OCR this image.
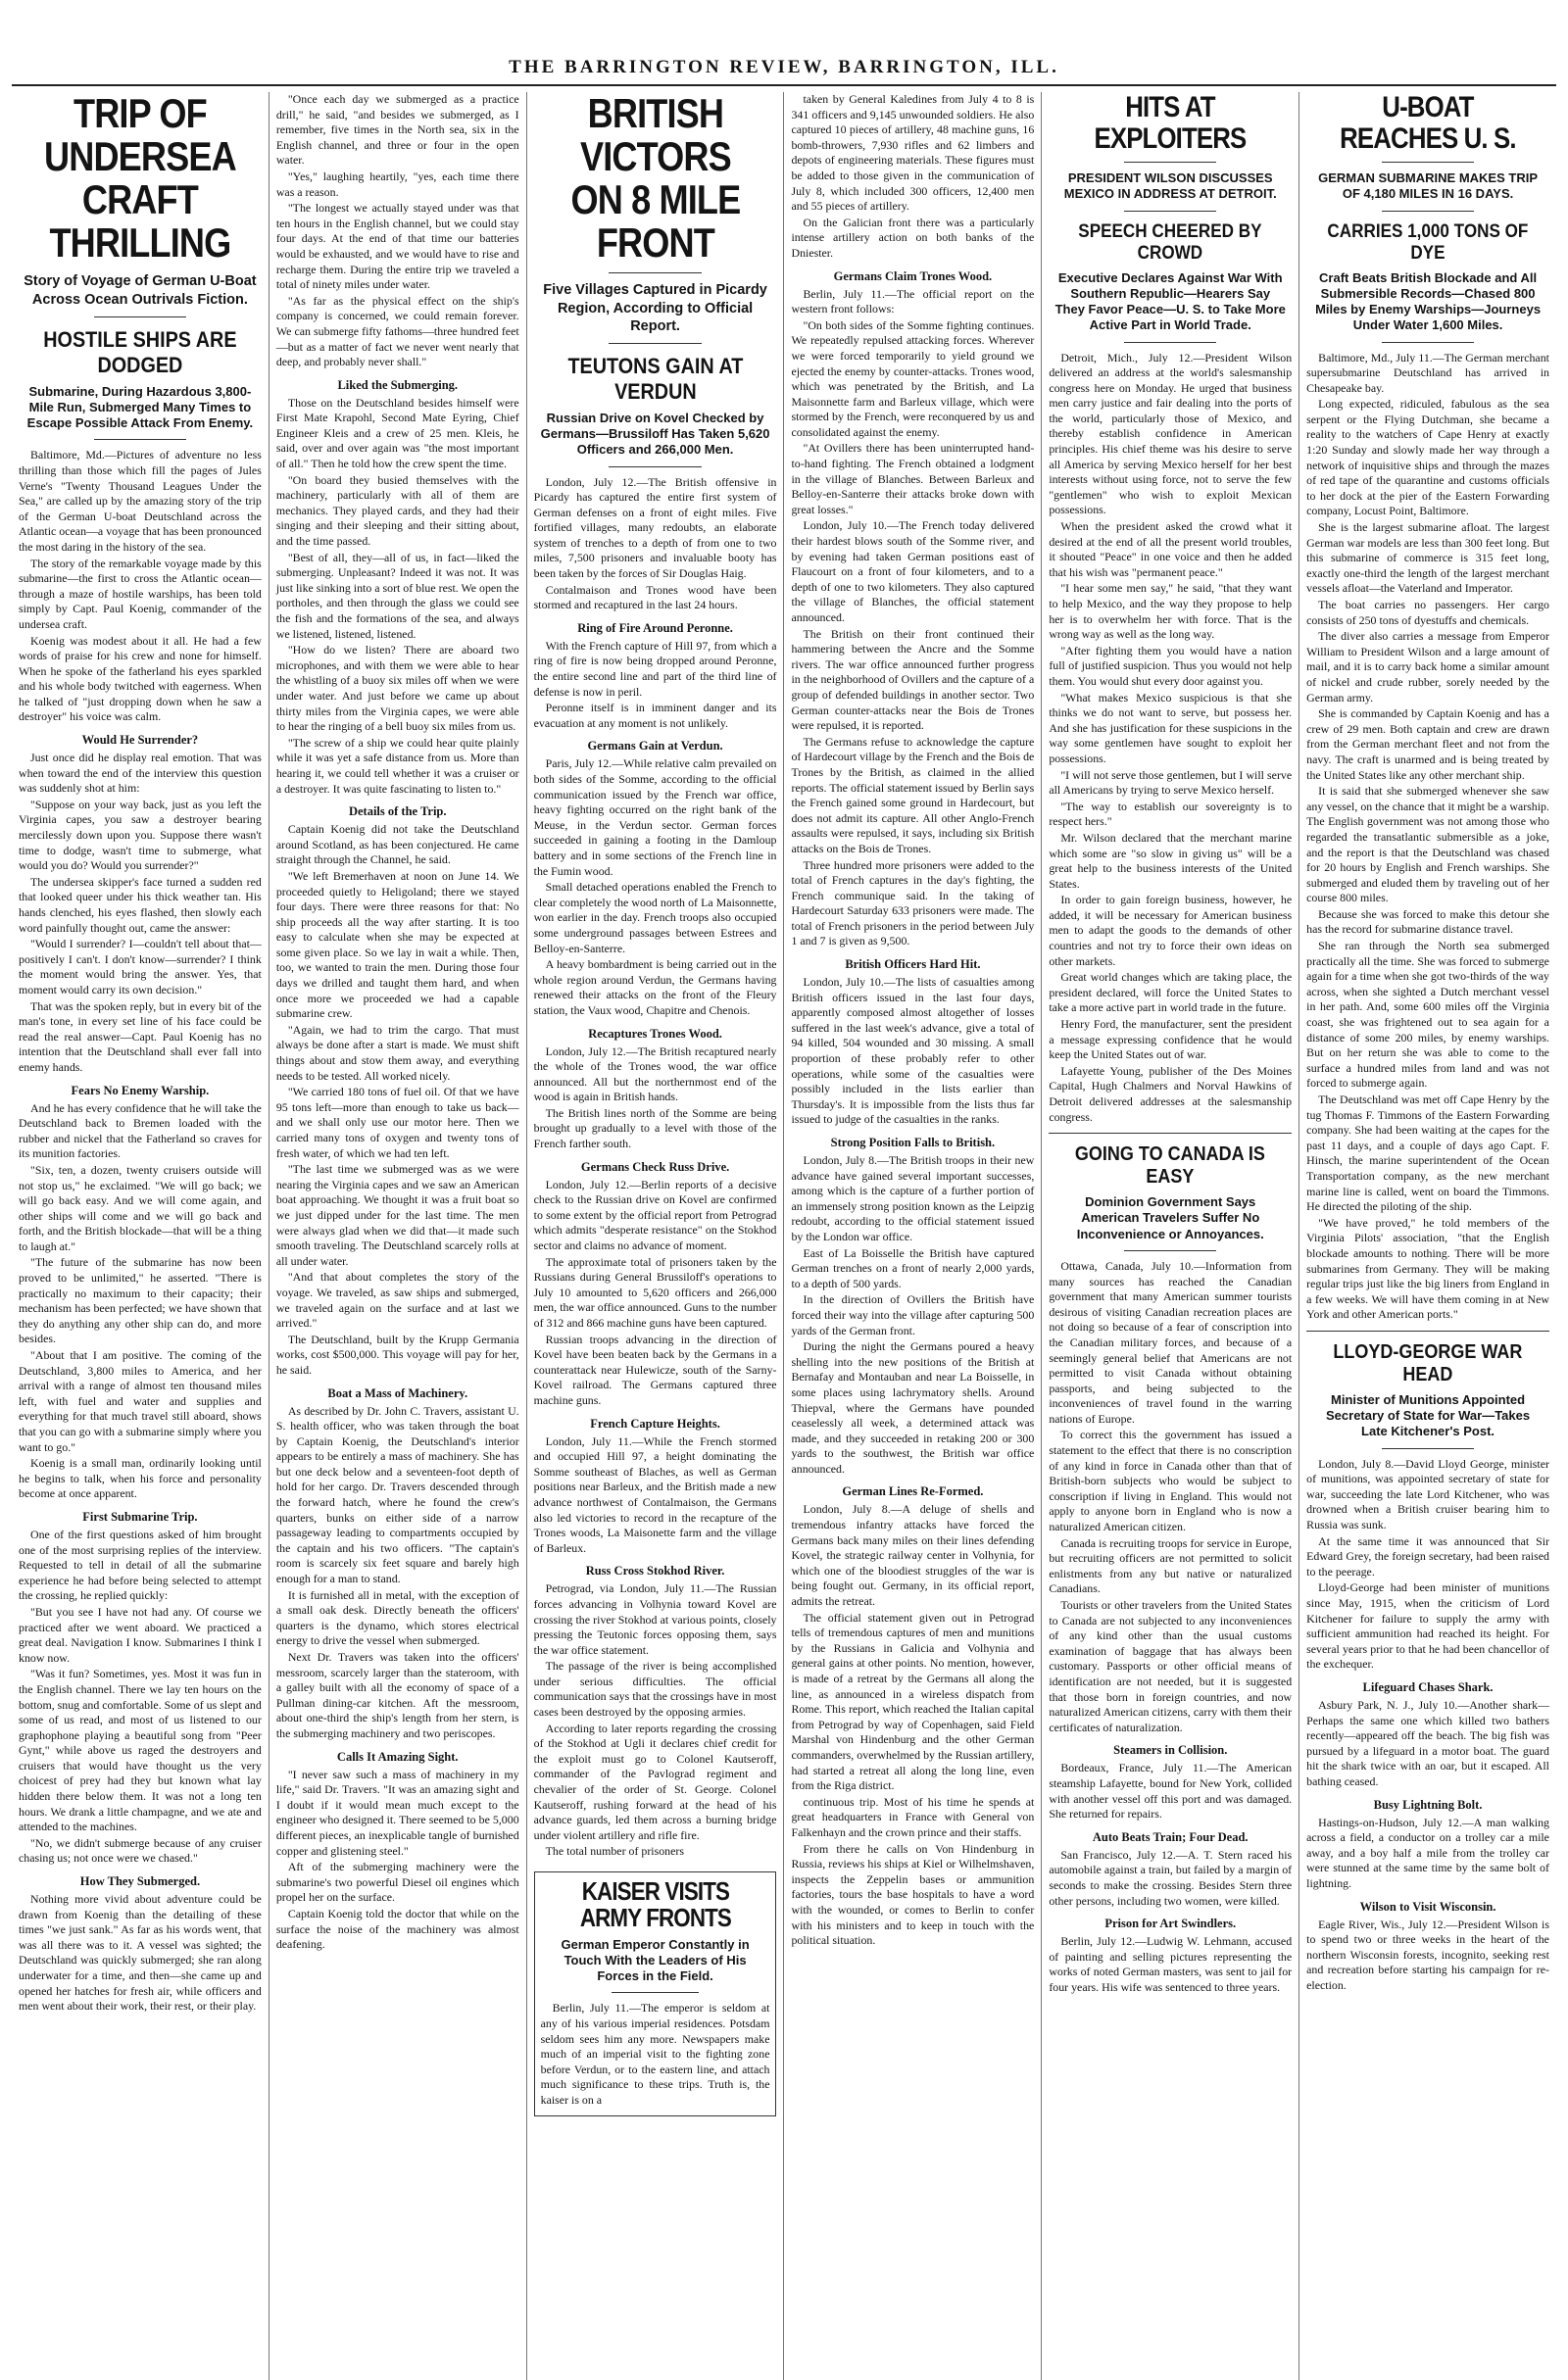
THE BARRINGTON REVIEW, BARRINGTON, ILL.
TRIP OF UNDERSEA CRAFT THRILLING
Story of Voyage of German U-Boat Across Ocean Outrivals Fiction.
HOSTILE SHIPS ARE DODGED
Submarine, During Hazardous 3,800-Mile Run, Submerged Many Times to Escape Possible Attack From Enemy.

Baltimore, Md.—Pictures of adventure no less thrilling than those which fill the pages of Jules Verne's "Twenty Thousand Leagues Under the Sea," are called up by the amazing story of the trip of the German U-boat Deutschland across the Atlantic ocean—a voyage that has been pronounced the most daring in the history of the sea.

The story of the remarkable voyage made by this submarine—the first to cross the Atlantic ocean—through a maze of hostile warships, has been told simply by Capt. Paul Koenig, commander of the undersea craft.

Koenig was modest about it all. He had a few words of praise for his crew and none for himself. When he spoke of the fatherland his eyes sparkled and his whole body twitched with eagerness. When he talked of "just dropping down when he saw a destroyer" his voice was calm.

Would He Surrender?

Just once did he display real emotion. That was when toward the end of the interview this question was suddenly shot at him:

"Suppose on your way back, just as you left the Virginia capes, you saw a destroyer bearing mercilessly down upon you. Suppose there wasn't time to dodge, wasn't time to submerge, what would you do? Would you surrender?"

The undersea skipper's face turned a sudden red that looked queer under his thick weather tan. His hands clenched, his eyes flashed, then slowly each word painfully thought out, came the answer:

"Would I surrender? I—couldn't tell about that—positively I can't. I don't know—surrender? I think the moment would bring the answer. Yes, that moment would carry its own decision."

That was the spoken reply, but in every bit of the man's tone, in every set line of his face could be read the real answer—Capt. Paul Koenig has no intention that the Deutschland shall ever fall into enemy hands.

Fears No Enemy Warship.

And he has every confidence that he will take the Deutschland back to Bremen loaded with the rubber and nickel that the Fatherland so craves for its munition factories.

"Six, ten, a dozen, twenty cruisers outside will not stop us," he exclaimed. "We will go back; we will go back easy. And we will come again, and other ships will come and we will go back and forth, and the British blockade—that will be a thing to laugh at."

"The future of the submarine has now been proved to be unlimited," he asserted. "There is practically no maximum to their capacity; their mechanism has been perfected; we have shown that they do anything any other ship can do, and more besides.

"About that I am positive. The coming of the Deutschland, 3,800 miles to America, and her arrival with a range of almost ten thousand miles left, with fuel and water and supplies and everything for that much travel still aboard, shows that you can go with a submarine simply where you want to go."

Koenig is a small man, ordinarily looking until he begins to talk, when his force and personality become at once apparent.

First Submarine Trip.

One of the first questions asked of him brought one of the most surprising replies of the interview. Requested to tell in detail of all the submarine experience he had before being selected to attempt the crossing, he replied quickly:

"But you see I have not had any. Of course we practiced after we went aboard. We practiced a great deal. Navigation I know. Submarines I think I know now.

"Was it fun? Sometimes, yes. Most it was fun in the English channel. There we lay ten hours on the bottom, snug and comfortable. Some of us slept and some of us read, and most of us listened to our graphophone playing a beautiful song from "Peer Gynt," while above us raged the destroyers and cruisers that would have thought us the very choicest of prey had they but known what lay hidden there below them. It was not a long ten hours. We drank a little champagne, and we ate and attended to the machines.

"No, we didn't submerge because of any cruiser chasing us; not once were we chased."

How They Submerged.

Nothing more vivid about adventure could be drawn from Koenig than the detailing of these times "we just sank." As far as his words went, that was all there was to it. A vessel was sighted; the Deutschland was quickly submerged; she ran along underwater for a time, and then—she came up and opened her hatches for fresh air, while officers and men went about their work, their rest, or their play.

"Once each day we submerged as a practice drill," he said, "and besides we submerged, as I remember, five times in the North sea, six in the English channel, and three or four in the open water.

"Yes," laughing heartily, "yes, each time there was a reason.

"The longest we actually stayed under was that ten hours in the English channel, but we could stay four days. At the end of that time our batteries would be exhausted, and we would have to rise and recharge them. During the entire trip we traveled a total of ninety miles under water.

"As far as the physical effect on the ship's company is concerned, we could remain forever. We can submerge fifty fathoms—three hundred feet—but as a matter of fact we never went nearly that deep, and probably never shall."

Liked the Submerging.

Those on the Deutschland besides himself were First Mate Krapohl, Second Mate Eyring, Chief Engineer Kleis and a crew of 25 men. Kleis, he said, over and over again was "the most important of all." Then he told how the crew spent the time.

"On board they busied themselves with the machinery, particularly with all of them are mechanics. They played cards, and they had their singing and their sleeping and their sitting about, and the time passed.

"Best of all, they—all of us, in fact—liked the submerging. Unpleasant? Indeed it was not. It was just like sinking into a sort of blue rest. We open the portholes, and then through the glass we could see the fish and the formations of the sea, and always we listened, listened, listened.

"How do we listen? There are aboard two microphones, and with them we were able to hear the whistling of a buoy six miles off when we were under water. And just before we came up about thirty miles from the Virginia capes, we were able to hear the ringing of a bell buoy six miles from us.

"The screw of a ship we could hear quite plainly while it was yet a safe distance from us. More than hearing it, we could tell whether it was a cruiser or a destroyer. It was quite fascinating to listen to."

Details of the Trip.

Captain Koenig did not take the Deutschland around Scotland, as has been conjectured. He came straight through the Channel, he said.

"We left Bremerhaven at noon on June 14. We proceeded quietly to Heligoland; there we stayed four days. There were three reasons for that: No ship proceeds all the way after starting. It is too easy to calculate when she may be expected at some given place. So we lay in wait a while. Then, too, we wanted to train the men. During those four days we drilled and taught them hard, and when once more we proceeded we had a capable submarine crew.

"Again, we had to trim the cargo. That must always be done after a start is made. We must shift things about and stow them away, and everything needs to be tested. All worked nicely.

"We carried 180 tons of fuel oil. Of that we have 95 tons left—more than enough to take us back—and we shall only use our motor here. Then we carried many tons of oxygen and twenty tons of fresh water, of which we had ten left.

"The last time we submerged was as we were nearing the Virginia capes and we saw an American boat approaching. We thought it was a fruit boat so we just dipped under for the last time. The men were always glad when we did that—it made such smooth traveling. The Deutschland scarcely rolls at all under water.

"And that about completes the story of the voyage. We traveled, as saw ships and submerged, we traveled again on the surface and at last we arrived."

The Deutschland, built by the Krupp Germania works, cost $500,000. This voyage will pay for her, he said.

Boat a Mass of Machinery.

As described by Dr. John C. Travers, assistant U. S. health officer, who was taken through the boat by Captain Koenig, the Deutschland's interior appears to be entirely a mass of machinery. She has but one deck below and a seventeen-foot depth of hold for her cargo. Dr. Travers descended through the forward hatch, where he found the crew's quarters, bunks on either side of a narrow passageway leading to compartments occupied by the captain and his two officers. "The captain's room is scarcely six feet square and barely high enough for a man to stand.

It is furnished all in metal, with the exception of a small oak desk. Directly beneath the officers' quarters is the dynamo, which stores electrical energy to drive the vessel when submerged.

Next Dr. Travers was taken into the officers' messroom, scarcely larger than the stateroom, with a galley built with all the economy of space of a Pullman dining-car kitchen. Aft the messroom, about one-third the ship's length from her stern, is the submerging machinery and two periscopes.

Calls It Amazing Sight.

"I never saw such a mass of machinery in my life," said Dr. Travers. "It was an amazing sight and I doubt if it would mean much except to the engineer who designed it. There seemed to be 5,000 different pieces, an inexplicable tangle of burnished copper and glistening steel."

Aft of the submerging machinery were the submarine's two powerful Diesel oil engines which propel her on the surface.

Captain Koenig told the doctor that while on the surface the noise of the machinery was almost deafening.

BRITISH VICTORS ON 8 MILE FRONT
Five Villages Captured in Picardy Region, According to Official Report.
TEUTONS GAIN AT VERDUN
Russian Drive on Kovel Checked by Germans—Brussiloff Has Taken 5,620 Officers and 266,000 Men.

London, July 12.—The British offensive in Picardy has captured the entire first system of German defenses on a front of eight miles. Five fortified villages, many redoubts, an elaborate system of trenches to a depth of from one to two miles, 7,500 prisoners and invaluable booty has been taken by the forces of Sir Douglas Haig.

Contalmaison and Trones wood have been stormed and recaptured in the last 24 hours.

Ring of Fire Around Peronne.

With the French capture of Hill 97, from which a ring of fire is now being dropped around Peronne, the entire second line and part of the third line of defense is now in peril.

Peronne itself is in imminent danger and its evacuation at any moment is not unlikely.

Germans Gain at Verdun.

Paris, July 12.—While relative calm prevailed on both sides of the Somme, according to the official communication issued by the French war office, heavy fighting occurred on the right bank of the Meuse, in the Verdun sector. German forces succeeded in gaining a footing in the Damloup battery and in some sections of the French line in the Fumin wood.

Small detached operations enabled the French to clear completely the wood north of La Maisonnette, won earlier in the day. French troops also occupied some underground passages between Estrees and Belloy-en-Santerre.

A heavy bombardment is being carried out in the whole region around Verdun, the Germans having renewed their attacks on the front of the Fleury station, the Vaux wood, Chapitre and Chenois.

Recaptures Trones Wood.

London, July 12.—The British recaptured nearly the whole of the Trones wood, the war office announced. All but the northernmost end of the wood is again in British hands.

The British lines north of the Somme are being brought up gradually to a level with those of the French farther south.

Germans Check Russ Drive.

London, July 12.—Berlin reports of a decisive check to the Russian drive on Kovel are confirmed to some extent by the official report from Petrograd which admits "desperate resistance" on the Stokhod sector and claims no advance of moment.

The approximate total of prisoners taken by the Russians during General Brussiloff's operations to July 10 amounted to 5,620 officers and 266,000 men, the war office announced. Guns to the number of 312 and 866 machine guns have been captured.

Russian troops advancing in the direction of Kovel have been beaten back by the Germans in a counterattack near Hulewicze, south of the Sarny-Kovel railroad. The Germans captured three machine guns.

French Capture Heights.

London, July 11.—While the French stormed and occupied Hill 97, a height dominating the Somme southeast of Blaches, as well as German positions near Barleux, and the British made a new advance northwest of Contalmaison, the Germans also led victories to record in the recapture of the Trones woods, La Maisonette farm and the village of Barleux.

Russ Cross Stokhod River.

Petrograd, via London, July 11.—The Russian forces advancing in Volhynia toward Kovel are crossing the river Stokhod at various points, closely pressing the Teutonic forces opposing them, says the war office statement.

The passage of the river is being accomplished under serious difficulties. The official communication says that the crossings have in most cases been destroyed by the opposing armies.

According to later reports regarding the crossing of the Stokhod at Ugli it declares chief credit for the exploit must go to Colonel Kautseroff, commander of the Pavlograd regiment and chevalier of the order of St. George. Colonel Kautseroff, rushing forward at the head of his advance guards, led them across a burning bridge under violent artillery and rifle fire.

The total number of prisoners

KAISER VISITS ARMY FRONTS
German Emperor Constantly in Touch With the Leaders of His Forces in the Field.

Berlin, July 11.—The emperor is seldom at any of his various imperial residences. Potsdam seldom sees him any more. Newspapers make much of an imperial visit to the fighting zone before Verdun, or to the eastern line, and attach much significance to these trips. Truth is, the kaiser is on a

taken by General Kaledines from July 4 to 8 is 341 officers and 9,145 unwounded soldiers. He also captured 10 pieces of artillery, 48 machine guns, 16 bomb-throwers, 7,930 rifles and 62 limbers and depots of engineering materials. These figures must be added to those given in the communication of July 8, which included 300 officers, 12,400 men and 55 pieces of artillery.

On the Galician front there was a particularly intense artillery action on both banks of the Dniester.

Germans Claim Trones Wood.

Berlin, July 11.—The official report on the western front follows:

"On both sides of the Somme fighting continues. We repeatedly repulsed attacking forces. Wherever we were forced temporarily to yield ground we ejected the enemy by counter-attacks. Trones wood, which was penetrated by the British, and La Maisonnette farm and Barleux village, which were stormed by the French, were reconquered by us and consolidated against the enemy.

"At Ovillers there has been uninterrupted hand-to-hand fighting. The French obtained a lodgment in the village of Blanches. Between Barleux and Belloy-en-Santerre their attacks broke down with great losses."

London, July 10.—The French today delivered their hardest blows south of the Somme river, and by evening had taken German positions east of Flaucourt on a front of four kilometers, and to a depth of one to two kilometers. They also captured the village of Blanches, the official statement announced.

The British on their front continued their hammering between the Ancre and the Somme rivers. The war office announced further progress in the neighborhood of Ovillers and the capture of a group of defended buildings in another sector. Two German counter-attacks near the Bois de Trones were repulsed, it is reported.

The Germans refuse to acknowledge the capture of Hardecourt village by the French and the Bois de Trones by the British, as claimed in the allied reports. The official statement issued by Berlin says the French gained some ground in Hardecourt, but does not admit its capture. All other Anglo-French assaults were repulsed, it says, including six British attacks on the Bois de Trones.

Three hundred more prisoners were added to the total of French captures in the day's fighting, the French communique said. In the taking of Hardecourt Saturday 633 prisoners were made. The total of French prisoners in the period between July 1 and 7 is given as 9,500.

British Officers Hard Hit.

London, July 10.—The lists of casualties among British officers issued in the last four days, apparently composed almost altogether of losses suffered in the last week's advance, give a total of 94 killed, 504 wounded and 30 missing. A small proportion of these probably refer to other operations, while some of the casualties were possibly included in the lists earlier than Thursday's. It is impossible from the lists thus far issued to judge of the casualties in the ranks.

Strong Position Falls to British.

London, July 8.—The British troops in their new advance have gained several important successes, among which is the capture of a further portion of an immensely strong position known as the Leipzig redoubt, according to the official statement issued by the London war office.

East of La Boisselle the British have captured German trenches on a front of nearly 2,000 yards, to a depth of 500 yards.

In the direction of Ovillers the British have forced their way into the village after capturing 500 yards of the German front.

During the night the Germans poured a heavy shelling into the new positions of the British at Bernafay and Montauban and near La Boisselle, in some places using lachrymatory shells. Around Thiepval, where the Germans have pounded ceaselessly all week, a determined attack was made, and they succeeded in retaking 200 or 300 yards to the southwest, the British war office announced.

German Lines Re-Formed.

London, July 8.—A deluge of shells and tremendous infantry attacks have forced the Germans back many miles on their lines defending Kovel, the strategic railway center in Volhynia, for which one of the bloodiest struggles of the war is being fought out. Germany, in its official report, admits the retreat.

The official statement given out in Petrograd tells of tremendous captures of men and munitions by the Russians in Galicia and Volhynia and general gains at other points. No mention, however, is made of a retreat by the Germans all along the line, as announced in a wireless dispatch from Rome. This report, which reached the Italian capital from Petrograd by way of Copenhagen, said Field Marshal von Hindenburg and the other German commanders, overwhelmed by the Russian artillery, had started a retreat all along the long line, even from the Riga district.

continuous trip. Most of his time he spends at great headquarters in France with General von Falkenhayn and the crown prince and their staffs.

From there he calls on Von Hindenburg in Russia, reviews his ships at Kiel or Wilhelmshaven, inspects the Zeppelin bases or ammunition factories, tours the base hospitals to have a word with the wounded, or comes to Berlin to confer with his ministers and to keep in touch with the political situation.

HITS AT EXPLOITERS
PRESIDENT WILSON DISCUSSES MEXICO IN ADDRESS AT DETROIT.
SPEECH CHEERED BY CROWD
Executive Declares Against War With Southern Republic—Hearers Say They Favor Peace—U. S. to Take More Active Part in World Trade.

Detroit, Mich., July 12.—President Wilson delivered an address at the world's salesmanship congress here on Monday. He urged that business men carry justice and fair dealing into the ports of the world, particularly those of Mexico, and thereby establish confidence in American principles. His chief theme was his desire to serve all America by serving Mexico herself for her best interests without using force, not to serve the few "gentlemen" who wish to exploit Mexican possessions.

When the president asked the crowd what it desired at the end of all the present world troubles, it shouted "Peace" in one voice and then he added that his wish was "permanent peace."

"I hear some men say," he said, "that they want to help Mexico, and the way they propose to help her is to overwhelm her with force. That is the wrong way as well as the long way.

"After fighting them you would have a nation full of justified suspicion. Thus you would not help them. You would shut every door against you.

"What makes Mexico suspicious is that she thinks we do not want to serve, but possess her. And she has justification for these suspicions in the way some gentlemen have sought to exploit her possessions.

"I will not serve those gentlemen, but I will serve all Americans by trying to serve Mexico herself.

"The way to establish our sovereignty is to respect hers."

Mr. Wilson declared that the merchant marine which some are "so slow in giving us" will be a great help to the business interests of the United States.

In order to gain foreign business, however, he added, it will be necessary for American business men to adapt the goods to the demands of other countries and not try to force their own ideas on other markets.

Great world changes which are taking place, the president declared, will force the United States to take a more active part in world trade in the future.

Henry Ford, the manufacturer, sent the president a message expressing confidence that he would keep the United States out of war.

Lafayette Young, publisher of the Des Moines Capital, Hugh Chalmers and Norval Hawkins of Detroit delivered addresses at the salesmanship congress.

GOING TO CANADA IS EASY
Dominion Government Says American Travelers Suffer No Inconvenience or Annoyances.

Ottawa, Canada, July 10.—Information from many sources has reached the Canadian government that many American summer tourists desirous of visiting Canadian recreation places are not doing so because of a fear of conscription into the Canadian military forces, and because of a seemingly general belief that Americans are not permitted to visit Canada without obtaining passports, and being subjected to the inconveniences of travel found in the warring nations of Europe.

To correct this the government has issued a statement to the effect that there is no conscription of any kind in force in Canada other than that of British-born subjects who would be subject to conscription if living in England. This would not apply to anyone born in England who is now a naturalized American citizen.

Canada is recruiting troops for service in Europe, but recruiting officers are not permitted to solicit enlistments from any but native or naturalized Canadians.

Tourists or other travelers from the United States to Canada are not subjected to any inconveniences of any kind other than the usual customs examination of baggage that has always been customary. Passports or other official means of identification are not needed, but it is suggested that those born in foreign countries, and now naturalized American citizens, carry with them their certificates of naturalization.

Steamers in Collision.

Bordeaux, France, July 11.—The American steamship Lafayette, bound for New York, collided with another vessel off this port and was damaged. She returned for repairs.

Auto Beats Train; Four Dead.

San Francisco, July 12.—A. T. Stern raced his automobile against a train, but failed by a margin of seconds to make the crossing. Besides Stern three other persons, including two women, were killed.

Prison for Art Swindlers.

Berlin, July 12.—Ludwig W. Lehmann, accused of painting and selling pictures representing the works of noted German masters, was sent to jail for four years. His wife was sentenced to three years.

U-BOAT REACHES U. S.
GERMAN SUBMARINE MAKES TRIP OF 4,180 MILES IN 16 DAYS.
CARRIES 1,000 TONS OF DYE
Craft Beats British Blockade and All Submersible Records—Chased 800 Miles by Enemy Warships—Journeys Under Water 1,600 Miles.

Baltimore, Md., July 11.—The German merchant supersubmarine Deutschland has arrived in Chesapeake bay.

Long expected, ridiculed, fabulous as the sea serpent or the Flying Dutchman, she became a reality to the watchers of Cape Henry at exactly 1:20 Sunday and slowly made her way through a network of inquisitive ships and through the mazes of red tape of the quarantine and customs officials to her dock at the pier of the Eastern Forwarding company, Locust Point, Baltimore.

She is the largest submarine afloat. The largest German war models are less than 300 feet long. But this submarine of commerce is 315 feet long, exactly one-third the length of the largest merchant vessels afloat—the Vaterland and Imperator.

The boat carries no passengers. Her cargo consists of 250 tons of dyestuffs and chemicals.

The diver also carries a message from Emperor William to President Wilson and a large amount of mail, and it is to carry back home a similar amount of nickel and crude rubber, sorely needed by the German army.

She is commanded by Captain Koenig and has a crew of 29 men. Both captain and crew are drawn from the German merchant fleet and not from the navy. The craft is unarmed and is being treated by the United States like any other merchant ship.

It is said that she submerged whenever she saw any vessel, on the chance that it might be a warship. The English government was not among those who regarded the transatlantic submersible as a joke, and the report is that the Deutschland was chased for 20 hours by English and French warships. She submerged and eluded them by traveling out of her course 800 miles.

Because she was forced to make this detour she has the record for submarine distance travel.

She ran through the North sea submerged practically all the time. She was forced to submerge again for a time when she got two-thirds of the way across, when she sighted a Dutch merchant vessel in her path. And, some 600 miles off the Virginia coast, she was frightened out to sea again for a distance of some 200 miles, by enemy warships. But on her return she was able to come to the surface a hundred miles from land and was not forced to submerge again.

The Deutschland was met off Cape Henry by the tug Thomas F. Timmons of the Eastern Forwarding company. She had been waiting at the capes for the past 11 days, and a couple of days ago Capt. F. Hinsch, the marine superintendent of the Ocean Transportation company, as the new merchant marine line is called, went on board the Timmons. He directed the piloting of the ship.

"We have proved," he told members of the Virginia Pilots' association, "that the English blockade amounts to nothing. There will be more submarines from Germany. They will be making regular trips just like the big liners from England in a few weeks. We will have them coming in at New York and other American ports."

LLOYD-GEORGE WAR HEAD
Minister of Munitions Appointed Secretary of State for War—Takes Late Kitchener's Post.

London, July 8.—David Lloyd George, minister of munitions, was appointed secretary of state for war, succeeding the late Lord Kitchener, who was drowned when a British cruiser bearing him to Russia was sunk.

At the same time it was announced that Sir Edward Grey, the foreign secretary, had been raised to the peerage.

Lloyd-George had been minister of munitions since May, 1915, when the criticism of Lord Kitchener for failure to supply the army with sufficient ammunition had reached its height. For several years prior to that he had been chancellor of the exchequer.

Lifeguard Chases Shark.

Asbury Park, N. J., July 10.—Another shark—Perhaps the same one which killed two bathers recently—appeared off the beach. The big fish was pursued by a lifeguard in a motor boat. The guard hit the shark twice with an oar, but it escaped. All bathing ceased.

Busy Lightning Bolt.

Hastings-on-Hudson, July 12.—A man walking across a field, a conductor on a trolley car a mile away, and a boy half a mile from the trolley car were stunned at the same time by the same bolt of lightning.

Wilson to Visit Wisconsin.

Eagle River, Wis., July 12.—President Wilson is to spend two or three weeks in the heart of the northern Wisconsin forests, incognito, seeking rest and recreation before starting his campaign for re-election.
